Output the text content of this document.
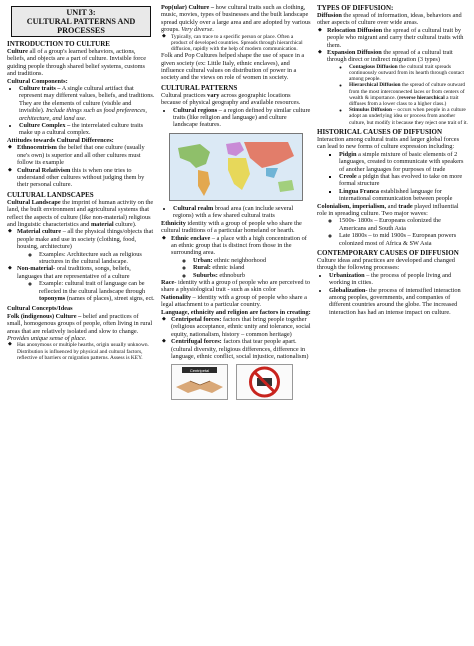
UNIT 3:
CULTURAL PATTERNS AND PROCESSES
INTRODUCTION TO CULTURE

Culture all of a group's learned behaviors, actions, beliefs, and objects are a part of culture. Invisible force guiding people through shared belief systems, customs and traditions.

Cultural Components:
• Culture traits – A single cultural artifact that represent may different values, beliefs, and traditions. They are the elements of culture (visible and invisible). Include things such as food preferences, architecture, and land use.
• Culture Complex – the interrelated culture traits make up a cultural complex.
Attitudes towards Cultural Differences:
◆ Ethnocentrism the belief that one culture (usually one's own) is superior and all other cultures must follow its example
◆ Cultural Relativism this is when one tries to understand other cultures without judging them by their personal culture.
CULTURAL LANDSCAPES

Cultural Landscape the imprint of human activity on the land, the built environment and agricultural systems that reflect the aspects of culture (like non-material) religious and linguistic characteristics and material culture).

◆ Material culture – all the physical things/objects that people make and use in society (clothing, food, housing, architecture)
◦ Examples: Architecture such as religious structures in the cultural landscape.
◆ Non-material- oral traditions, songs, beliefs, languages that are representative of a culture
◦ Example: cultural trait of language can be reflected in the cultural landscape through toponyms (names of places), street signs, ect.
Cultural Concepts/Ideas

Folk (indigenous) Culture – belief and practices of small, homogenous groups of people, often living in rural areas that are relatively isolated and slow to change. Provides unique sense of place.

◆ Has anonymous or multiple hearths, origin usually unknown. Distribution is influenced by physical and cultural factors, reflective of barriers or migration patterns. Assess is KEY.

Pop(ular) Culture – how cultural traits such as clothing, music, movies, types of businesses and the built landscape spread quickly over a large area and are adopted by various groups. Very diverse.

◆ Typically, can trace to a specific person or place. Often a product of developed countries. Spreads through hierarchical diffusion, rapidly with the help of modern communication.

Folk and Pop Cultures helped shape the use of space in a given society (ex: Little Italy, ethnic enclaves), and influence cultural values on distribution of power in a society and the views on role of women in society.

CULTURAL PATTERNS

Cultural practices vary across geographic locations because of physical geography and available resources.

• Cultural regions – a region defined by similar culture traits (like religion and language) and culture landscape features.
• Cultural realm broad area (can include several regions) with a few shared cultural traits

Ethnicity identity with a group of people who share the cultural traditions of a particular homeland or hearth.

◆ Ethnic enclave – a place with a high concentration of an ethnic group that is distinct from those in the surrounding area.
◦ Urban: ethnic neighborhood
◦ Rural: ethnic island
◦ Suburbs: ethnoburb

Race- identity with a group of people who are perceived to share a physiological trait - such as skin color

Nationality – identity with a group of people who share a legal attachment to a particular country.

Language, ethnicity and religion are factors in creating:
◆ Centripetal forces: factors that bring people together (religious acceptance, ethnic unity and tolerance, social equity, nationalism, history – common heritage)
◆ Centrifugal forces: factors that tear people apart. (cultural diversity, religious differences, difference in language, ethnic conflict, social injustice, nationalism)
Centripetal
TYPES OF DIFFUSION:

Diffusion the spread of information, ideas, behaviors and other aspects of culture over wide areas.

◆ Relocation Diffusion the spread of a cultural trait by people who migrant and carry their cultural traits with them.
◆ Expansion Diffusion the spread of a cultural trait through direct or indirect migration (3 types)
◦ Contagious Diffusion the cultural trait spreads continuously outward from its hearth through contact among people.
◦ Hierarchical Diffusion the spread of culture outward from the most interconnected laces or from centers of wealth & importance. (reverse hierarchical a trait diffuses from a lower class to a higher class.)
◦ Stimulus Diffusion – occurs when people in a culture adopt an underlying idea or process from another culture, but modify it because they reject one trait of it.
HISTORICAL CAUSES OF DIFFUSION

Interaction among cultural traits and larger global forces can lead to new forms of culture expression including:

▪ Pidgin a simple mixture of basic elements of 2 languages, created to communicate with speakers of another languages for purposes of trade
▪ Creole a pidgin that has evolved to take on more formal structure
▪ Lingua Franca established language for international communication between people

Colonialism, imperialism, and trade played influential role in spreading culture. Two major waves:

◦ 1500s- 1800s – Europeans colonized the Americans and South Asia
◦ Late 1800s – to mid 1900s – European powers colonized most of Africa & SW Asia
CONTEMPORARY CAUSES OF DIFFUSION

Culture ideas and practices are developed and changed through the following processes:

• Urbanization – the process of people living and working in cities.
• Globalization- the process of intensified interaction among peoples, governments, and companies of different countries around the globe. The increased interaction has had an intense impact on culture.
